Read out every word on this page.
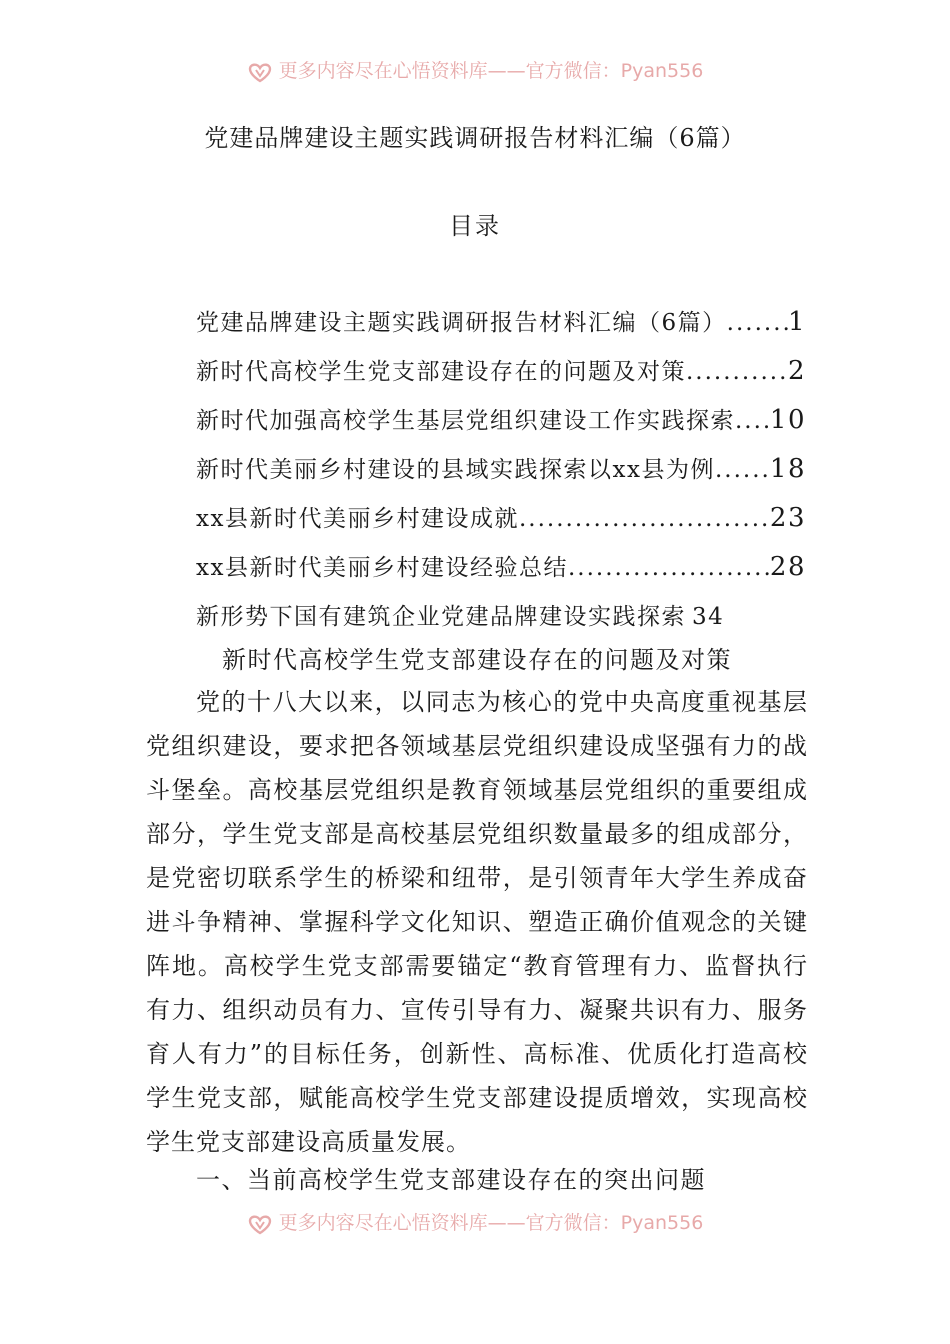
更多内容尽在心悟资料库——官方微信：Pyan556
党建品牌建设主题实践调研报告材料汇编（6篇）
目录
党建品牌建设主题实践调研报告材料汇编（6篇） ..... 1
新时代高校学生党支部建设存在的问题及对策 .....	2
新时代加强高校学生基层党组织建设工作实践探索 ..... 10
新时代美丽乡村建设的县域实践探索以xx县为例 ..... 18
xx县新时代美丽乡村建设成就 .....	23
xx县新时代美丽乡村建设经验总结 .....	28
新形势下国有建筑企业党建品牌建设实践探索 34
新时代高校学生党支部建设存在的问题及对策

党的十八大以来，以同志为核心的党中央高度重视基层党组织建设，要求把各领域基层党组织建设成坚强有力的战斗堡垒。高校基层党组织是教育领域基层党组织的重要组成部分，学生党支部是高校基层党组织数量最多的组成部分，是党密切联系学生的桥梁和纽带，是引领青年大学生养成奋进斗争精神、掌握科学文化知识、塑造正确价值观念的关键阵地。高校学生党支部需要锚定“教育管理有力、监督执行有力、组织动员有力、宣传引导有力、凝聚共识有力、服务育人有力”的目标任务，创新性、高标准、优质化打造高校学生党支部，赋能高校学生党支部建设提质增效，实现高校学生党支部建设高质量发展。

一、当前高校学生党支部建设存在的突出问题
更多内容尽在心悟资料库——官方微信：Pyan556
